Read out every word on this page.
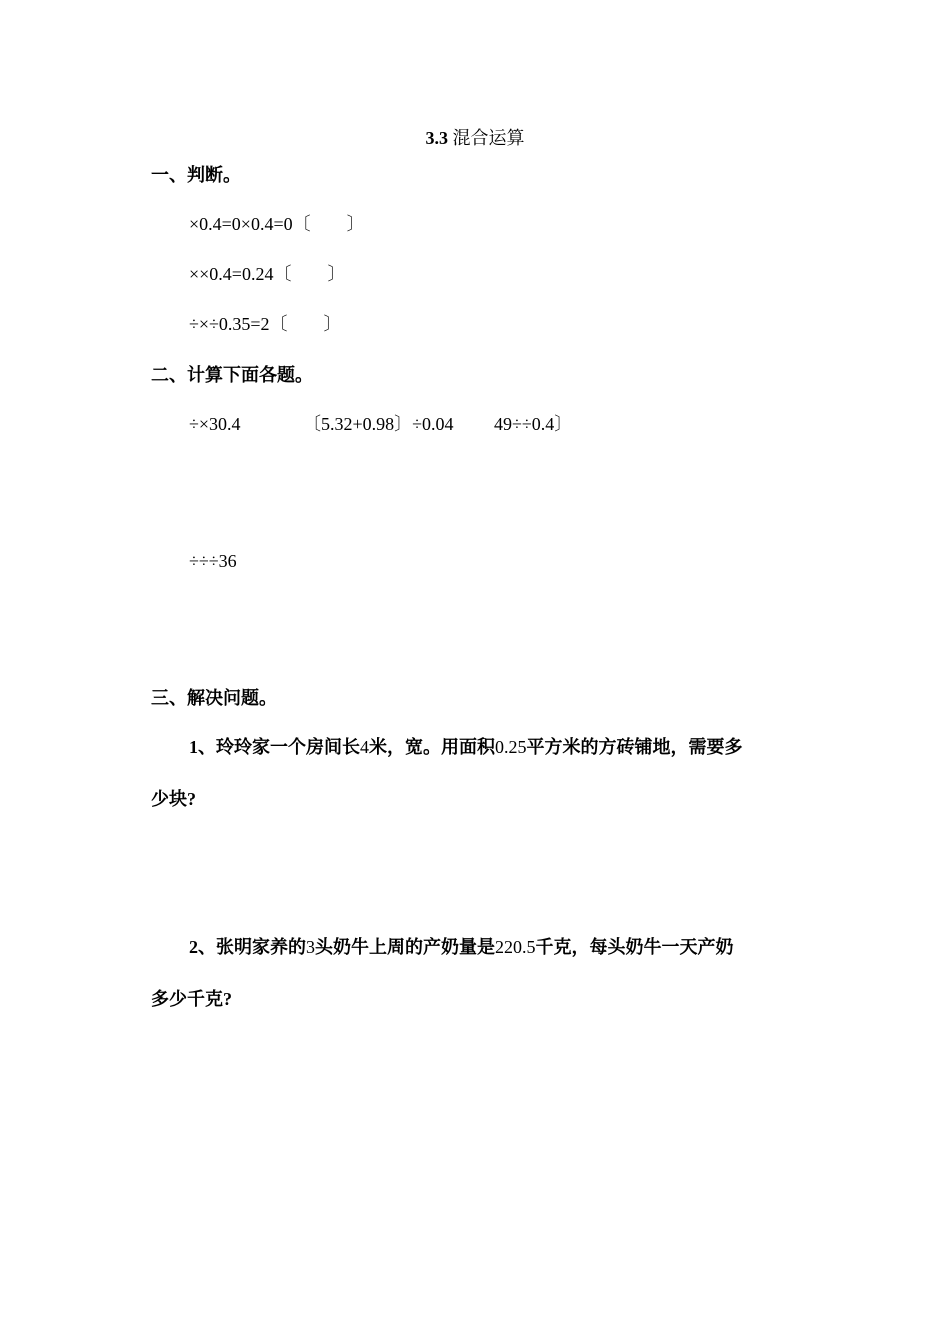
3.3 混合运算
一、判断。
×0.4=0×0.4=0〔　　〕
××0.4=0.24〔　　〕
÷×÷0.35=2〔　　〕
二、计算下面各题。
÷×30.4	〔5.32+0.98〕÷0.04 49÷÷0.4〕
÷÷÷36
三、解决问题。
1、玲玲家一个房间长4米，宽。用面积0.25平方米的方砖铺地，需要多
少块?
2、张明家养的3头奶牛上周的产奶量是220.5千克，每头奶牛一天产奶
多少千克?
